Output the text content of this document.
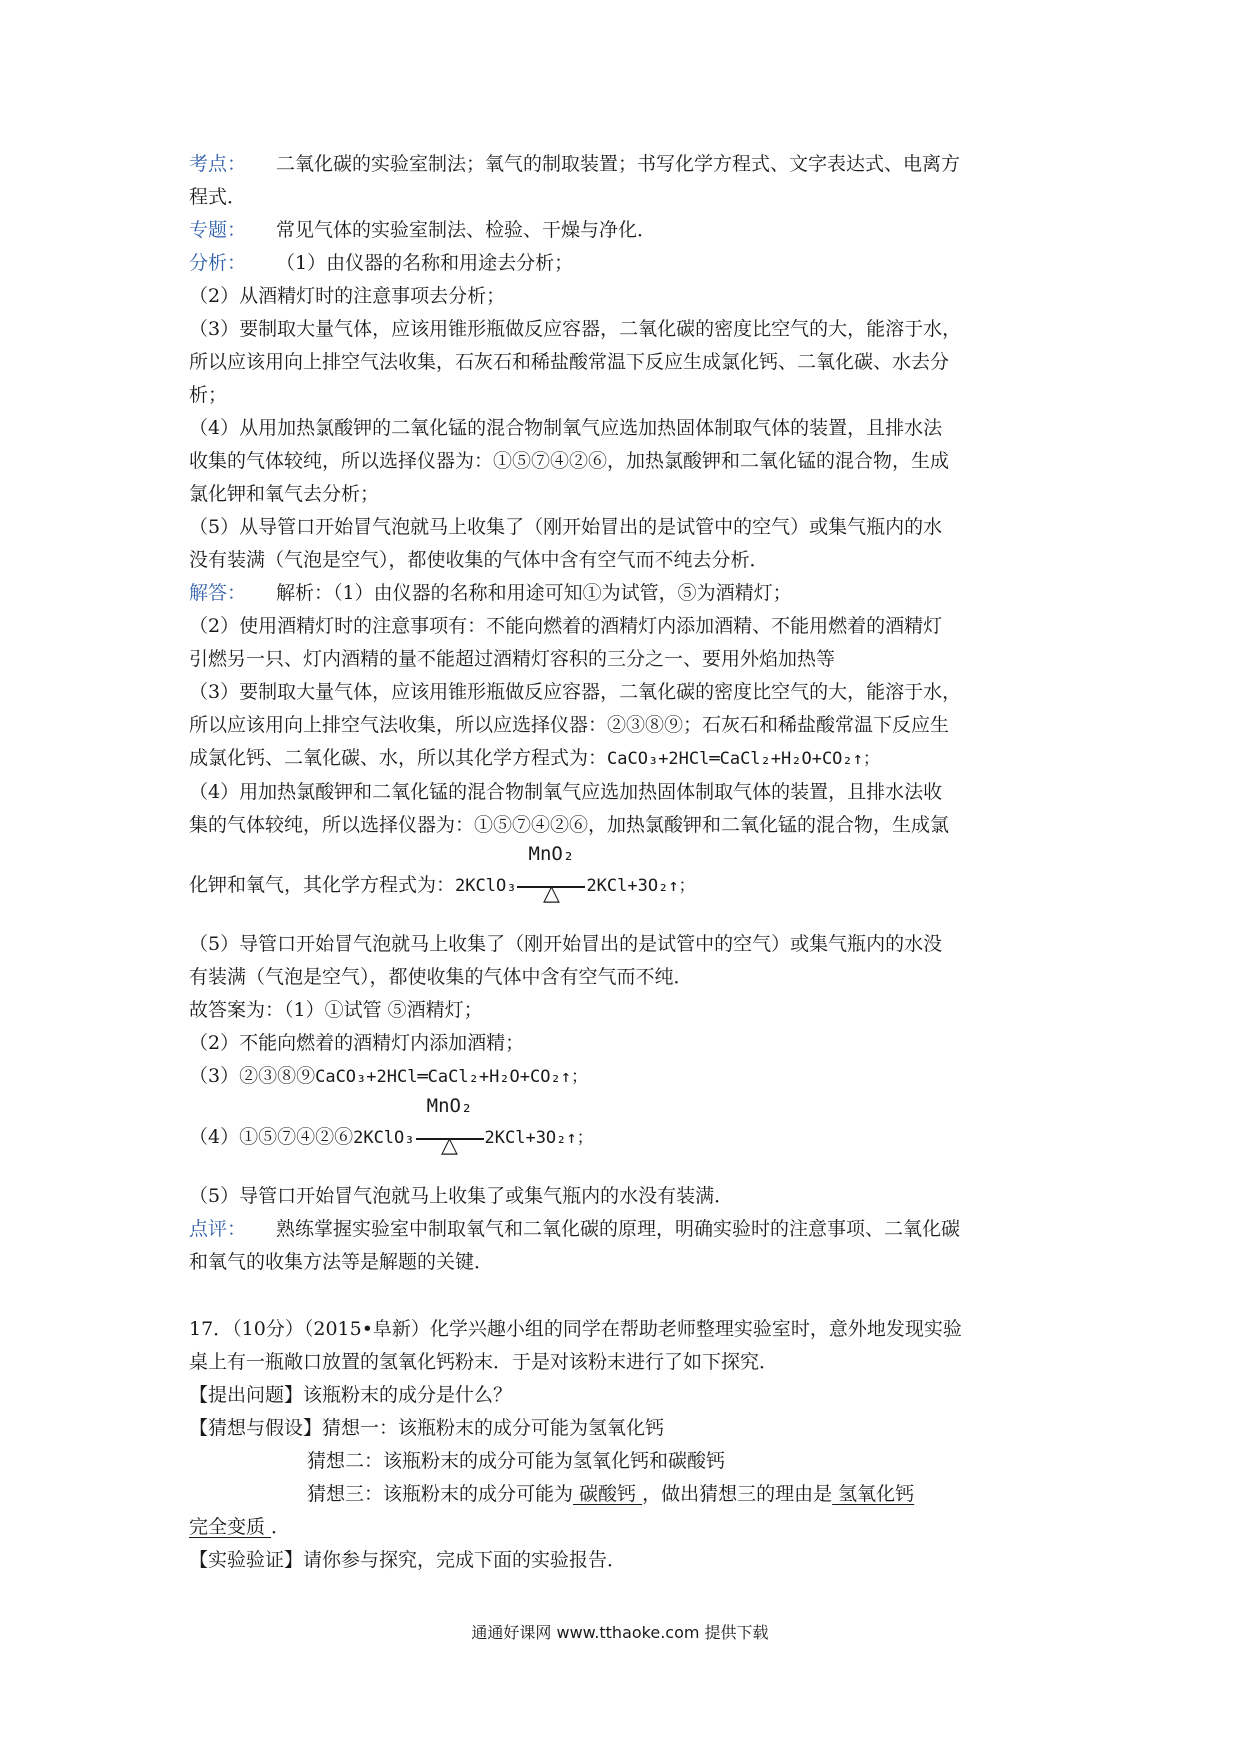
考点： 二氧化碳的实验室制法；氧气的制取装置；书写化学方程式、文字表达式、电离方
程式．
专题： 常见气体的实验室制法、检验、干燥与净化．
分析： （1）由仪器的名称和用途去分析；
（2）从酒精灯时的注意事项去分析；
（3）要制取大量气体，应该用锥形瓶做反应容器，二氧化碳的密度比空气的大，能溶于水，
所以应该用向上排空气法收集，石灰石和稀盐酸常温下反应生成氯化钙、二氧化碳、水去分
析；
（4）从用加热氯酸钾的二氧化锰的混合物制氧气应选加热固体制取气体的装置，且排水法
收集的气体较纯，所以选择仪器为：①⑤⑦④②⑥，加热氯酸钾和二氧化锰的混合物，生成
氯化钾和氧气去分析；
（5）从导管口开始冒气泡就马上收集了（刚开始冒出的是试管中的空气）或集气瓶内的水
没有装满（气泡是空气），都使收集的气体中含有空气而不纯去分析．
解答： 解析：（1）由仪器的名称和用途可知①为试管，⑤为酒精灯；
（2）使用酒精灯时的注意事项有：不能向燃着的酒精灯内添加酒精、不能用燃着的酒精灯
引燃另一只、灯内酒精的量不能超过酒精灯容积的三分之一、要用外焰加热等
（3）要制取大量气体，应该用锥形瓶做反应容器，二氧化碳的密度比空气的大，能溶于水，
所以应该用向上排空气法收集，所以应选择仪器：②③⑧⑨；石灰石和稀盐酸常温下反应生
成氯化钙、二氧化碳、水，所以其化学方程式为：CaCO₃+2HCl═CaCl₂+H₂O+CO₂↑；
（4）用加热氯酸钾和二氧化锰的混合物制氧气应选加热固体制取气体的装置，且排水法收
集的气体较纯，所以选择仪器为：①⑤⑦④②⑥，加热氯酸钾和二氧化锰的混合物，生成氯
化钾和氧气，其化学方程式为：2KClO₃ $\frac{\text{MnO₂}}{\triangle}$ 2KCl+3O₂↑；
（5）导管口开始冒气泡就马上收集了（刚开始冒出的是试管中的空气）或集气瓶内的水没
有装满（气泡是空气），都使收集的气体中含有空气而不纯．
故答案为：（1）①试管 ⑤酒精灯；
（2）不能向燃着的酒精灯内添加酒精；
（3）②③⑧⑨CaCO₃+2HCl═CaCl₂+H₂O+CO₂↑；
（4）①⑤⑦④②⑥2KClO₃ $\frac{\text{MnO₂}}{\triangle}$ 2KCl+3O₂↑；
（5）导管口开始冒气泡就马上收集了或集气瓶内的水没有装满．
点评： 熟练掌握实验室中制取氧气和二氧化碳的原理，明确实验时的注意事项、二氧化碳
和氧气的收集方法等是解题的关键．
17．（10分）（2015•阜新）化学兴趣小组的同学在帮助老师整理实验室时，意外地发现实验
桌上有一瓶敞口放置的氢氧化钙粉末．于是对该粉末进行了如下探究．
【提出问题】该瓶粉末的成分是什么？
【猜想与假设】猜想一：该瓶粉末的成分可能为氢氧化钙
猜想二：该瓶粉末的成分可能为氢氧化钙和碳酸钙
猜想三：该瓶粉末的成分可能为 碳酸钙 ，做出猜想三的理由是 氢氧化钙
完全变质 ．
【实验验证】请你参与探究，完成下面的实验报告．
通通好课网 www.tthaoke.com 提供下载
